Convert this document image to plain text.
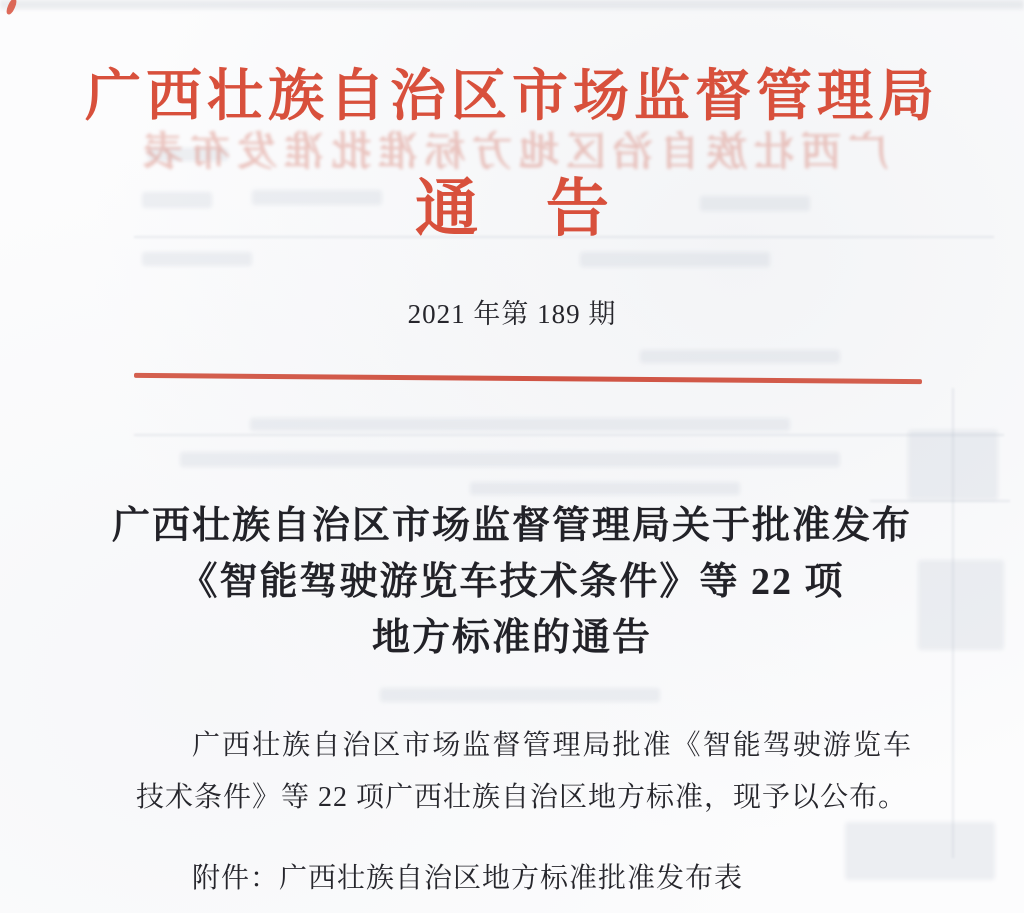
广西壮族自治区市场监督管理局
广西壮族自治区地方标准批准发布表
通 告
2021 年第 189 期
广西壮族自治区市场监督管理局关于批准发布
《智能驾驶游览车技术条件》等 22 项
地方标准的通告

广西壮族自治区市场监督管理局批准《智能驾驶游览车技术条件》等 22 项广西壮族自治区地方标准，现予以公布。

附件：广西壮族自治区地方标准批准发布表
